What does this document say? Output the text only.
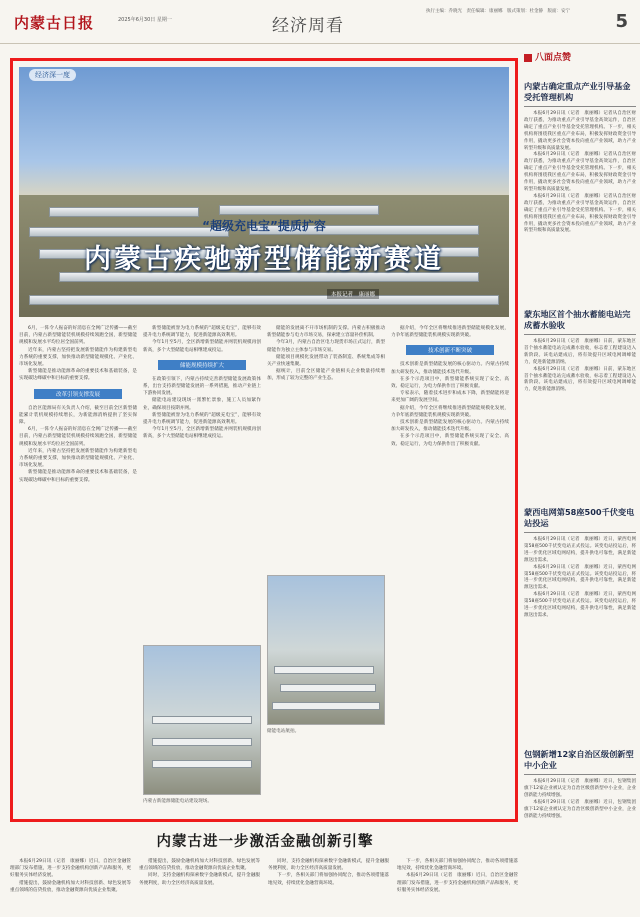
内蒙古日报	2025年6月30日 星期一	经济周看
执行主编：乔晓光　责任编辑：康丽娜　版式策划：杜金静　版面：安宁	5
经济深一度
“超级充电宝”提质扩容
内蒙古疾驰新型储能新赛道
本报记者　康丽娜

6月，一阵令人振奋的好消息在全网广泛传播——截至目前，内蒙古新型储能装机规模持续领跑全国，新型储能规模和发展水平均位居全国前列。

近年来，内蒙古坚持把发展新型储能作为构建新型电力系统的重要支撑，加快推动新型储能规模化、产业化、市场化发展。

新型储能是推动能源革命的重要技术和基础装备，是实现碳达峰碳中和目标的重要支撑。

改革引领支撑发展

自治区能源局有关负责人介绍，截至目前全区新型储能累计装机规模持续增长，为新能源消纳提供了坚实保障。

6月，一阵令人振奋的好消息在全网广泛传播——截至目前，内蒙古新型储能装机规模持续领跑全国，新型储能规模和发展水平均位居全国前列。

近年来，内蒙古坚持把发展新型储能作为构建新型电力系统的重要支撑，加快推动新型储能规模化、产业化、市场化发展。

新型储能是推动能源革命的重要技术和基础装备，是实现碳达峰碳中和目标的重要支撑。

新型储能被誉为电力系统的“超级充电宝”，能够有效提升电力系统调节能力，促进新能源高效利用。

今年1月至5月，全区新增新型储能并网装机规模再创新高，多个大型储能电站相继建成投运。

储能规模持续扩大

在政策引领下，内蒙古持续完善新型储能发展政策体系，出台支持新型储能发展的一系列措施，推动产业链上下游协同发展。

储能电站建设现场一派繁忙景象，施工人员加紧作业，确保项目按期并网。

新型储能被誉为电力系统的“超级充电宝”，能够有效提升电力系统调节能力，促进新能源高效利用。

今年1月至5月，全区新增新型储能并网装机规模再创新高，多个大型储能电站相继建成投运。

储能的发展离不开市场机制的支撑。内蒙古积极推动新型储能参与电力市场交易，探索建立容量补偿机制。

今年3月，内蒙古自治区电力现货市场正式运行，新型储能作为独立主体参与市场交易。

储能项目规模化发展带动了装备制造、系统集成等相关产业快速集聚。

据统计，目前全区储能产业链相关企业数量持续增加，形成了较为完整的产业生态。

储能电站航拍。

据介绍，今年全区将继续推进新型储能规模化发展，力争年底新型储能装机规模实现新突破。

技术创新不断突破

技术创新是新型储能发展的核心驱动力。内蒙古持续加大研发投入，推动储能技术迭代升级。

在多个示范项目中，新型储能系统实现了安全、高效、稳定运行，为电力保供作出了积极贡献。

专家表示，随着技术进步和成本下降，新型储能将迎来更加广阔的发展空间。

据介绍，今年全区将继续推进新型储能规模化发展，力争年底新型储能装机规模实现新突破。

技术创新是新型储能发展的核心驱动力。内蒙古持续加大研发投入，推动储能技术迭代升级。

在多个示范项目中，新型储能系统实现了安全、高效、稳定运行，为电力保供作出了积极贡献。

内蒙古新能源储能电站建设现场。
八面点赞
内蒙古确定重点产业引导基金受托管理机构

本报6月29日讯（记者　康丽娜）记者从自治区财政厅获悉，为推动重点产业引导基金高效运作，自治区确定了重点产业引导基金受托管理机构。下一步，相关机构将围绕我区重点产业布局，积极发挥财政资金引导作用，撬动更多社会资本投向重点产业领域，助力产业转型升级和高质量发展。

本报6月29日讯（记者　康丽娜）记者从自治区财政厅获悉，为推动重点产业引导基金高效运作，自治区确定了重点产业引导基金受托管理机构。下一步，相关机构将围绕我区重点产业布局，积极发挥财政资金引导作用，撬动更多社会资本投向重点产业领域，助力产业转型升级和高质量发展。

本报6月29日讯（记者　康丽娜）记者从自治区财政厅获悉，为推动重点产业引导基金高效运作，自治区确定了重点产业引导基金受托管理机构。下一步，相关机构将围绕我区重点产业布局，积极发挥财政资金引导作用，撬动更多社会资本投向重点产业领域，助力产业转型升级和高质量发展。

蒙东地区首个抽水蓄能电站完成蓄水验收

本报6月29日讯（记者　康丽娜）日前，蒙东地区首个抽水蓄能电站完成蓄水验收，标志着工程建设迈入新阶段。该电站建成后，将有效提升区域电网调峰能力，促进新能源消纳。

本报6月29日讯（记者　康丽娜）日前，蒙东地区首个抽水蓄能电站完成蓄水验收，标志着工程建设迈入新阶段。该电站建成后，将有效提升区域电网调峰能力，促进新能源消纳。

蒙西电网第58座500千伏变电站投运

本报6月29日讯（记者　康丽娜）近日，蒙西电网第58座500千伏变电站正式投运。该变电站投运后，将进一步优化区域电网结构，提升供电可靠性，满足新能源送出需求。

本报6月29日讯（记者　康丽娜）近日，蒙西电网第58座500千伏变电站正式投运。该变电站投运后，将进一步优化区域电网结构，提升供电可靠性，满足新能源送出需求。

本报6月29日讯（记者　康丽娜）近日，蒙西电网第58座500千伏变电站正式投运。该变电站投运后，将进一步优化区域电网结构，提升供电可靠性，满足新能源送出需求。

包钢新增12家自治区级创新型中小企业

本报6月29日讯（记者　康丽娜）近日，包钢集团旗下12家企业被认定为自治区级创新型中小企业，企业创新能力持续增强。

本报6月29日讯（记者　康丽娜）近日，包钢集团旗下12家企业被认定为自治区级创新型中小企业，企业创新能力持续增强。

内蒙古进一步激活金融创新引擎

本报6月29日讯（记者　康丽娜）近日，自治区金融管理部门发布措施，进一步支持金融机构创新产品和服务，更好服务实体经济发展。

措施提出，鼓励金融机构加大对科技创新、绿色发展等重点领域的信贷投放，推动金融资源向优质企业集聚。

措施提出，鼓励金融机构加大对科技创新、绿色发展等重点领域的信贷投放，推动金融资源向优质企业集聚。

同时，支持金融机构探索数字金融新模式，提升金融服务便利度，助力全区经济高质量发展。

同时，支持金融机构探索数字金融新模式，提升金融服务便利度，助力全区经济高质量发展。

下一步，各相关部门将加强协同配合，推动各项措施落地见效，持续优化金融营商环境。

下一步，各相关部门将加强协同配合，推动各项措施落地见效，持续优化金融营商环境。

本报6月29日讯（记者　康丽娜）近日，自治区金融管理部门发布措施，进一步支持金融机构创新产品和服务，更好服务实体经济发展。
